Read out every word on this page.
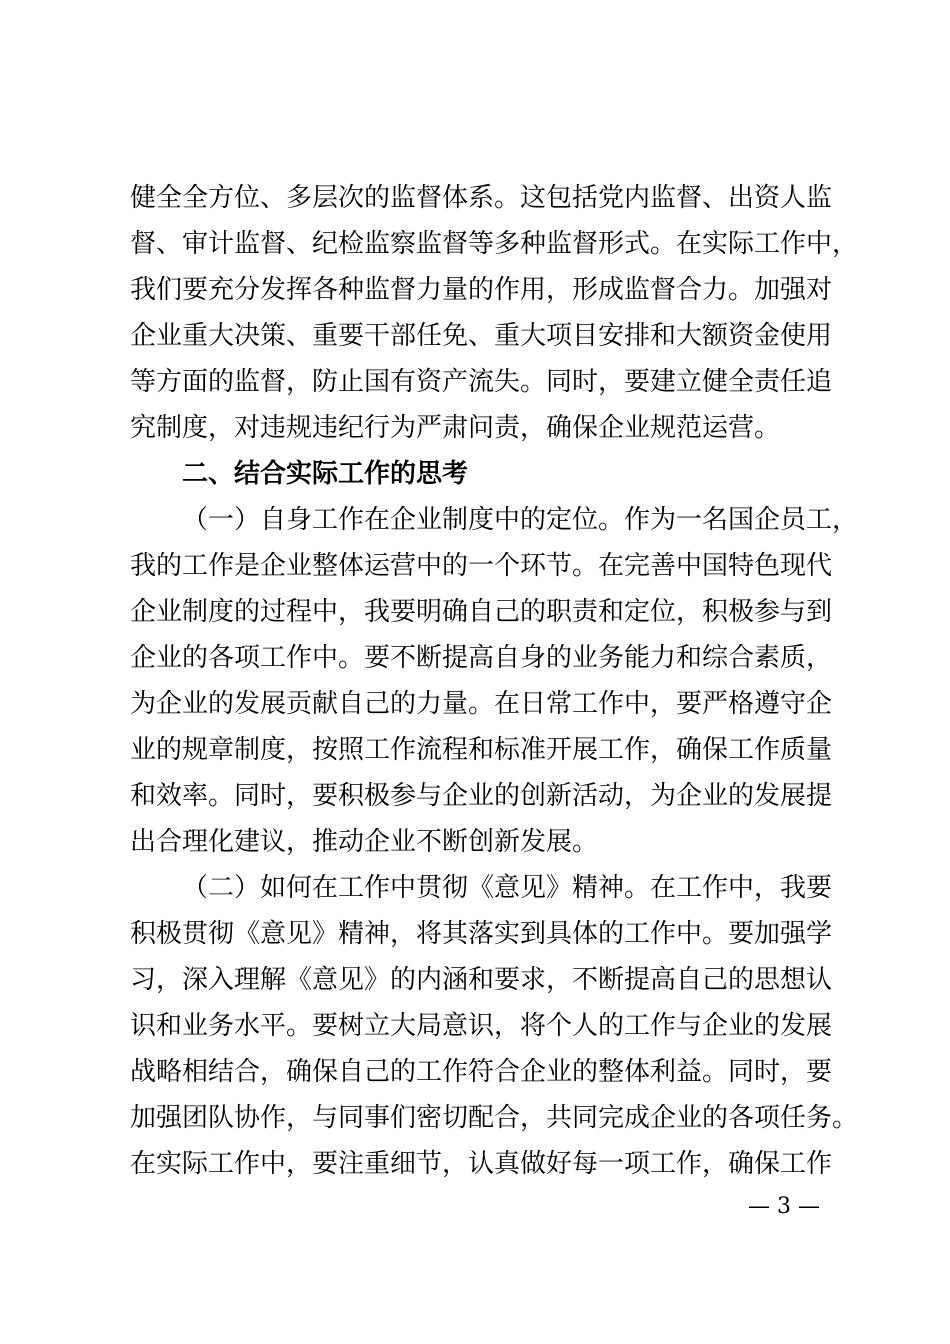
健全全方位、多层次的监督体系。这包括党内监督、出资人监
督、审计监督、纪检监察监督等多种监督形式。在实际工作中，
我们要充分发挥各种监督力量的作用，形成监督合力。加强对
企业重大决策、重要干部任免、重大项目安排和大额资金使用
等方面的监督，防止国有资产流失。同时，要建立健全责任追
究制度，对违规违纪行为严肃问责，确保企业规范运营。
二、结合实际工作的思考
（一）自身工作在企业制度中的定位。作为一名国企员工，
我的工作是企业整体运营中的一个环节。在完善中国特色现代
企业制度的过程中，我要明确自己的职责和定位，积极参与到
企业的各项工作中。要不断提高自身的业务能力和综合素质，
为企业的发展贡献自己的力量。在日常工作中，要严格遵守企
业的规章制度，按照工作流程和标准开展工作，确保工作质量
和效率。同时，要积极参与企业的创新活动，为企业的发展提
出合理化建议，推动企业不断创新发展。
（二）如何在工作中贯彻《意见》精神。在工作中，我要
积极贯彻《意见》精神，将其落实到具体的工作中。要加强学
习，深入理解《意见》的内涵和要求，不断提高自己的思想认
识和业务水平。要树立大局意识，将个人的工作与企业的发展
战略相结合，确保自己的工作符合企业的整体利益。同时，要
加强团队协作，与同事们密切配合，共同完成企业的各项任务。
在实际工作中，要注重细节，认真做好每一项工作，确保工作
— 3 —
